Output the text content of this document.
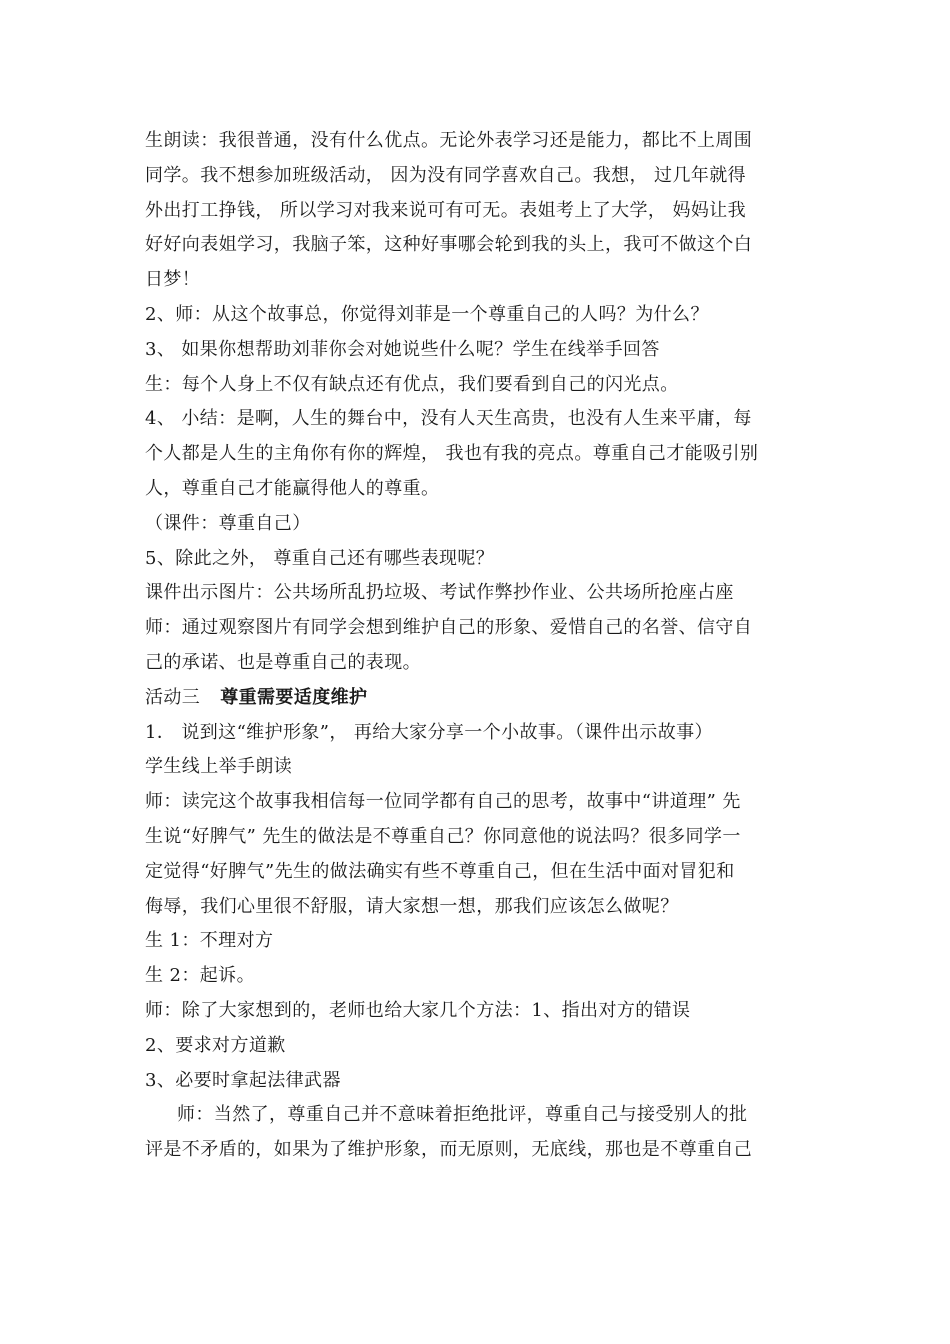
生朗读：我很普通，没有什么优点。无论外表学习还是能力，都比不上周围
同学。我不想参加班级活动， 因为没有同学喜欢自己。我想， 过几年就得
外出打工挣钱， 所以学习对我来说可有可无。表姐考上了大学， 妈妈让我
好好向表姐学习，我脑子笨，这种好事哪会轮到我的头上，我可不做这个白
日梦！
2、师：从这个故事总，你觉得刘菲是一个尊重自己的人吗？为什么？
3、 如果你想帮助刘菲你会对她说些什么呢？学生在线举手回答
生：每个人身上不仅有缺点还有优点，我们要看到自己的闪光点。
4、 小结：是啊，人生的舞台中，没有人天生高贵，也没有人生来平庸，每
个人都是人生的主角你有你的辉煌， 我也有我的亮点。尊重自己才能吸引别
人，尊重自己才能赢得他人的尊重。
（课件：尊重自己）
5、除此之外， 尊重自己还有哪些表现呢？
课件出示图片：公共场所乱扔垃圾、考试作弊抄作业、公共场所抢座占座
师：通过观察图片有同学会想到维护自己的形象、爱惜自己的名誉、信守自
己的承诺、也是尊重自己的表现。
活动三 尊重需要适度维护
1． 说到这“维护形象”， 再给大家分享一个小故事。（课件出示故事）
学生线上举手朗读
师：读完这个故事我相信每一位同学都有自己的思考，故事中“讲道理” 先
生说“好脾气” 先生的做法是不尊重自己？你同意他的说法吗？很多同学一
定觉得“好脾气”先生的做法确实有些不尊重自己，但在生活中面对冒犯和
侮辱，我们心里很不舒服，请大家想一想，那我们应该怎么做呢？
生 1：不理对方
生 2：起诉。
师：除了大家想到的，老师也给大家几个方法：1、指出对方的错误
2、要求对方道歉
3、必要时拿起法律武器
师：当然了，尊重自己并不意味着拒绝批评，尊重自己与接受别人的批
评是不矛盾的，如果为了维护形象，而无原则，无底线，那也是不尊重自己
